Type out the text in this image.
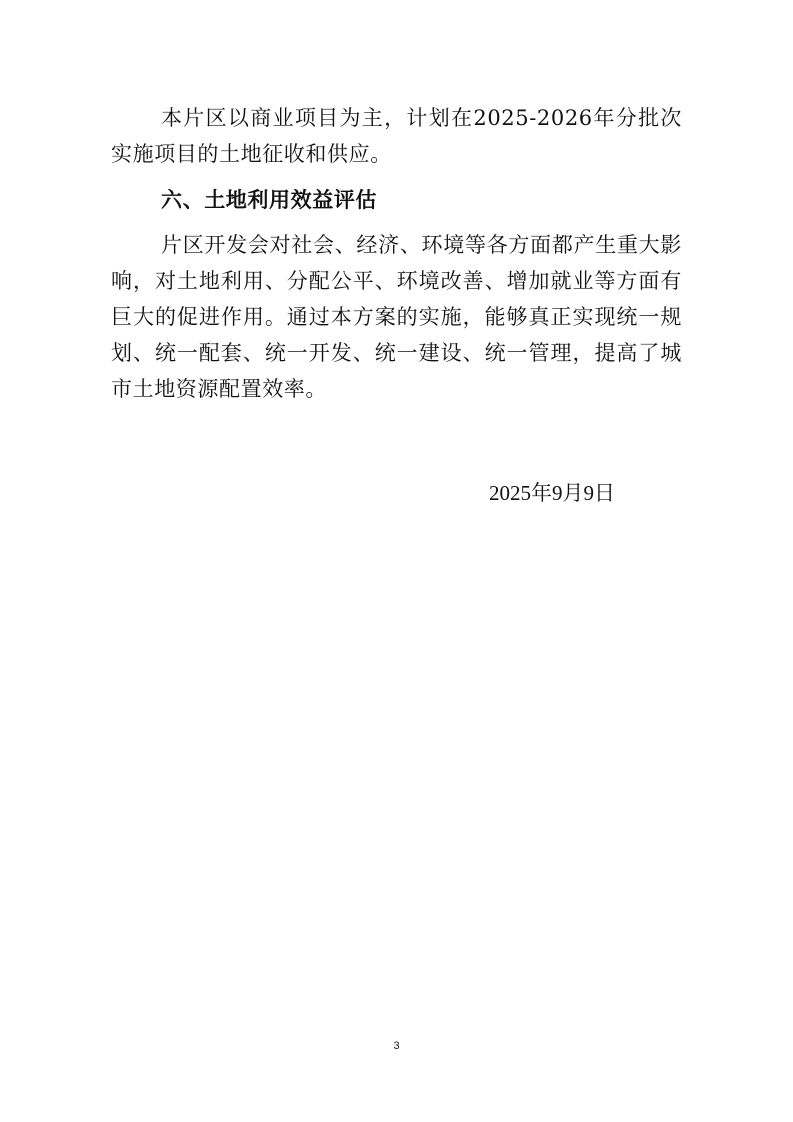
本片区以商业项目为主，计划在2025-2026年分批次实施项目的土地征收和供应。

六、土地利用效益评估

片区开发会对社会、经济、环境等各方面都产生重大影响，对土地利用、分配公平、环境改善、增加就业等方面有巨大的促进作用。通过本方案的实施，能够真正实现统一规划、统一配套、统一开发、统一建设、统一管理，提高了城市土地资源配置效率。

2025年9月9日

3
